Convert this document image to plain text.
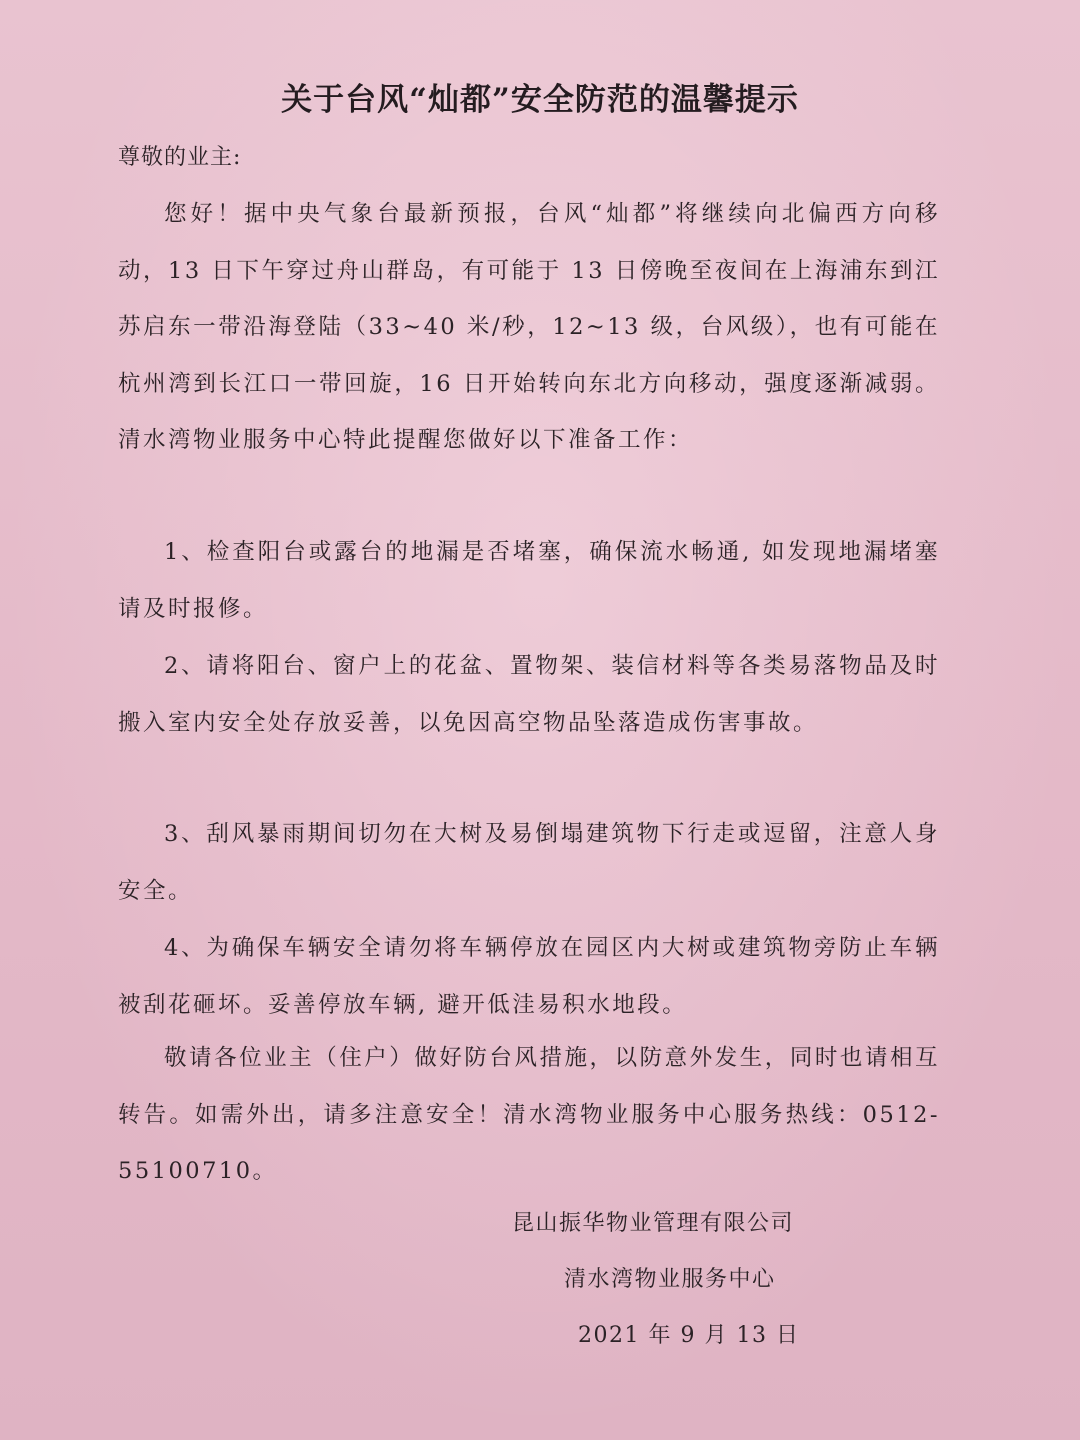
关于台风“灿都”安全防范的温馨提示
尊敬的业主:

您好！据中央气象台最新预报，台风“灿都”将继续向北偏西方向移动，13 日下午穿过舟山群岛，有可能于 13 日傍晚至夜间在上海浦东到江苏启东一带沿海登陆（33~40 米/秒，12~13 级，台风级），也有可能在杭州湾到长江口一带回旋，16 日开始转向东北方向移动，强度逐渐减弱。清水湾物业服务中心特此提醒您做好以下准备工作：

1、检查阳台或露台的地漏是否堵塞，确保流水畅通, 如发现地漏堵塞请及时报修。

2、请将阳台、窗户上的花盆、置物架、装信材料等各类易落物品及时搬入室内安全处存放妥善，以免因高空物品坠落造成伤害事故。

3、刮风暴雨期间切勿在大树及易倒塌建筑物下行走或逗留，注意人身安全。

4、为确保车辆安全请勿将车辆停放在园区内大树或建筑物旁防止车辆被刮花砸坏。妥善停放车辆, 避开低洼易积水地段。

敬请各位业主（住户）做好防台风措施，以防意外发生，同时也请相互转告。如需外出，请多注意安全！清水湾物业服务中心服务热线：0512-55100710。

昆山振华物业管理有限公司
清水湾物业服务中心
2021 年 9 月 13 日
